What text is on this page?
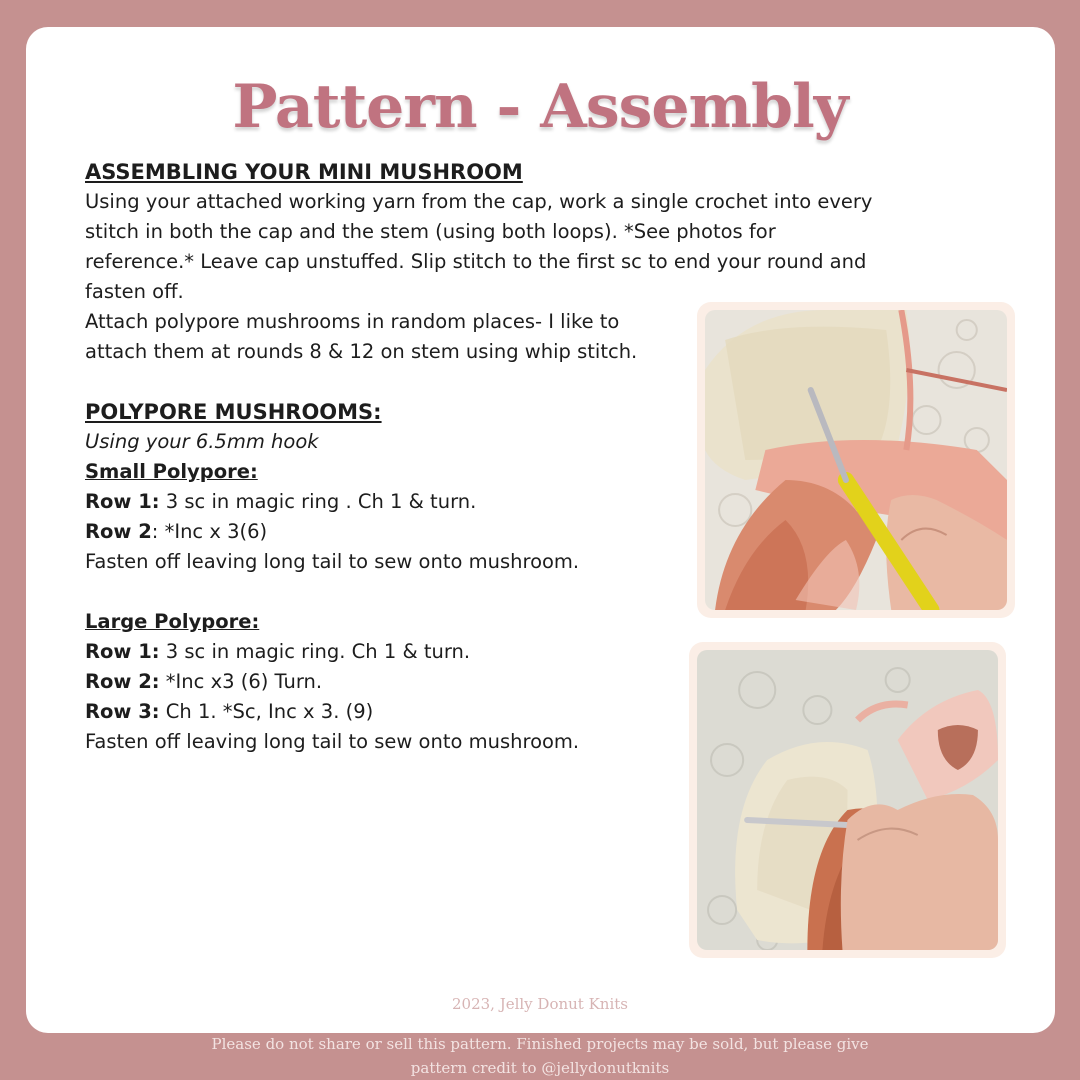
Pattern - Assembly

ASSEMBLING YOUR MINI MUSHROOM

Using your attached working yarn from the cap, work a single crochet into every

stitch in both the cap and the stem (using both loops). *See photos for

reference.* Leave cap unstuffed. Slip stitch to the first sc to end your round and

fasten off.

Attach polypore mushrooms in random places- I like to

attach them at rounds 8 & 12 on stem using whip stitch.

POLYPORE MUSHROOMS:

Using your 6.5mm hook

Small Polypore:

Row 1: 3 sc in magic ring . Ch 1 & turn.

Row 2: *Inc x 3(6)

Fasten off leaving long tail to sew onto mushroom.

Large Polypore:

Row 1: 3 sc in magic ring. Ch 1 & turn.

Row 2: *Inc x3 (6) Turn.

Row 3: Ch 1. *Sc, Inc x 3. (9)

Fasten off leaving long tail to sew onto mushroom.

2023, Jelly Donut Knits
Please do not share or sell this pattern. Finished projects may be sold, but please give
pattern credit to @jellydonutknits
